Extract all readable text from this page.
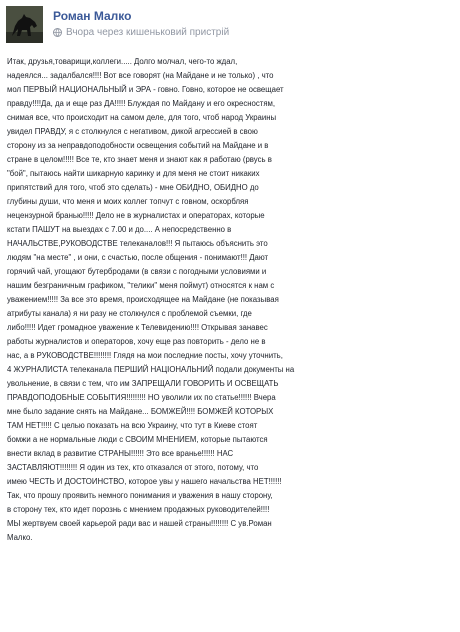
Роман Малко
Вчора через кишеньковий пристрій
Итак, друзья,товарищи,коллеги..... Долго молчал, чего-то ждал,
надеялся... задалбался!!!! Вот все говорят (на Майдане и не только) , что
мол ПЕРВЫЙ НАЦИОНАЛЬНЫЙ и ЭРА - говно. Говно, которое не освещает
правду!!!!Да, да и еще раз ДА!!!!! Блуждая по Майдану и его окресностям,
снимая все, что происходит на самом деле, для того, чтоб народ Украины
увидел ПРАВДУ, я с столкнулся с негативом, дикой агрессией в свою
сторону из за неправдоподобности освещения событий на Майдане и в
стране в целом!!!!! Все те, кто знает меня и знают как я работаю (рвусь в
"бой", пытаюсь найти шикарную каринку и для меня не стоит никаких
припятствий для того, чтоб это сделать) - мне ОБИДНО, ОБИДНО до
глубины души, что меня и моих коллег топчут с говном, оскорбляя
нецензурной бранью!!!!! Дело не в журналистах и операторах, которые
кстати ПАШУТ на выездах с 7.00 и до.... А непосредственно в
НАЧАЛЬСТВЕ,РУКОВОДСТВЕ телеканалов!!! Я пытаюсь объяснить это
людям "на месте" , и они, с счастью, после общения - понимают!!! Дают
горячий чай, угощают бутербродами (в связи с погодными условиями и
нашим безграничным графиком, "телики" меня поймут) относятся к нам с
уважением!!!!! За все это время, происходящее на Майдане (не показывая
атрибуты канала) я ни разу не столкнулся с проблемой съемки, где
либо!!!!! Идет громадное уважение к Телевидению!!!! Открывая занавес
работы журналистов и операторов, хочу еще раз повторить - дело не в
нас, а в РУКОВОДСТВЕ!!!!!!!! Глядя на мои последние посты, хочу уточнить,
4 ЖУРНАЛИСТА телеканала ПЕРШИЙ НАЦІОНАЛЬНИЙ подали документы на
увольнение, в связи с тем, что им ЗАПРЕЩАЛИ ГОВОРИТЬ И ОСВЕЩАТЬ
ПРАВДОПОДОБНЫЕ СОБЫТИЯ!!!!!!!!! НО уволили их по статье!!!!!! Вчера
мне было задание снять на Майдане... БОМЖЕЙ!!!! БОМЖЕЙ КОТОРЫХ
ТАМ НЕТ!!!!! С целью показать на всю Украину, что тут в Киеве стоят
бомжи а не нормальные люди с СВОИМ МНЕНИЕМ, которые пытаются
внести вклад в развитие СТРАНЫ!!!!!! Это все вранье!!!!!! НАС
ЗАСТАВЛЯЮТ!!!!!!!! Я один из тех, кто отказался от этого, потому, что
имею ЧЕСТЬ И ДОСТОИНСТВО, которое увы у нашего начальства НЕТ!!!!!!
Так, что прошу проявить немного понимания и уважения в нашу сторону,
в сторону тех, кто идет порознь с мнением продажных руководителей!!!!
МЫ жертвуем своей карьерой ради вас и нашей страны!!!!!!!! С ув.Роман
Малко.
